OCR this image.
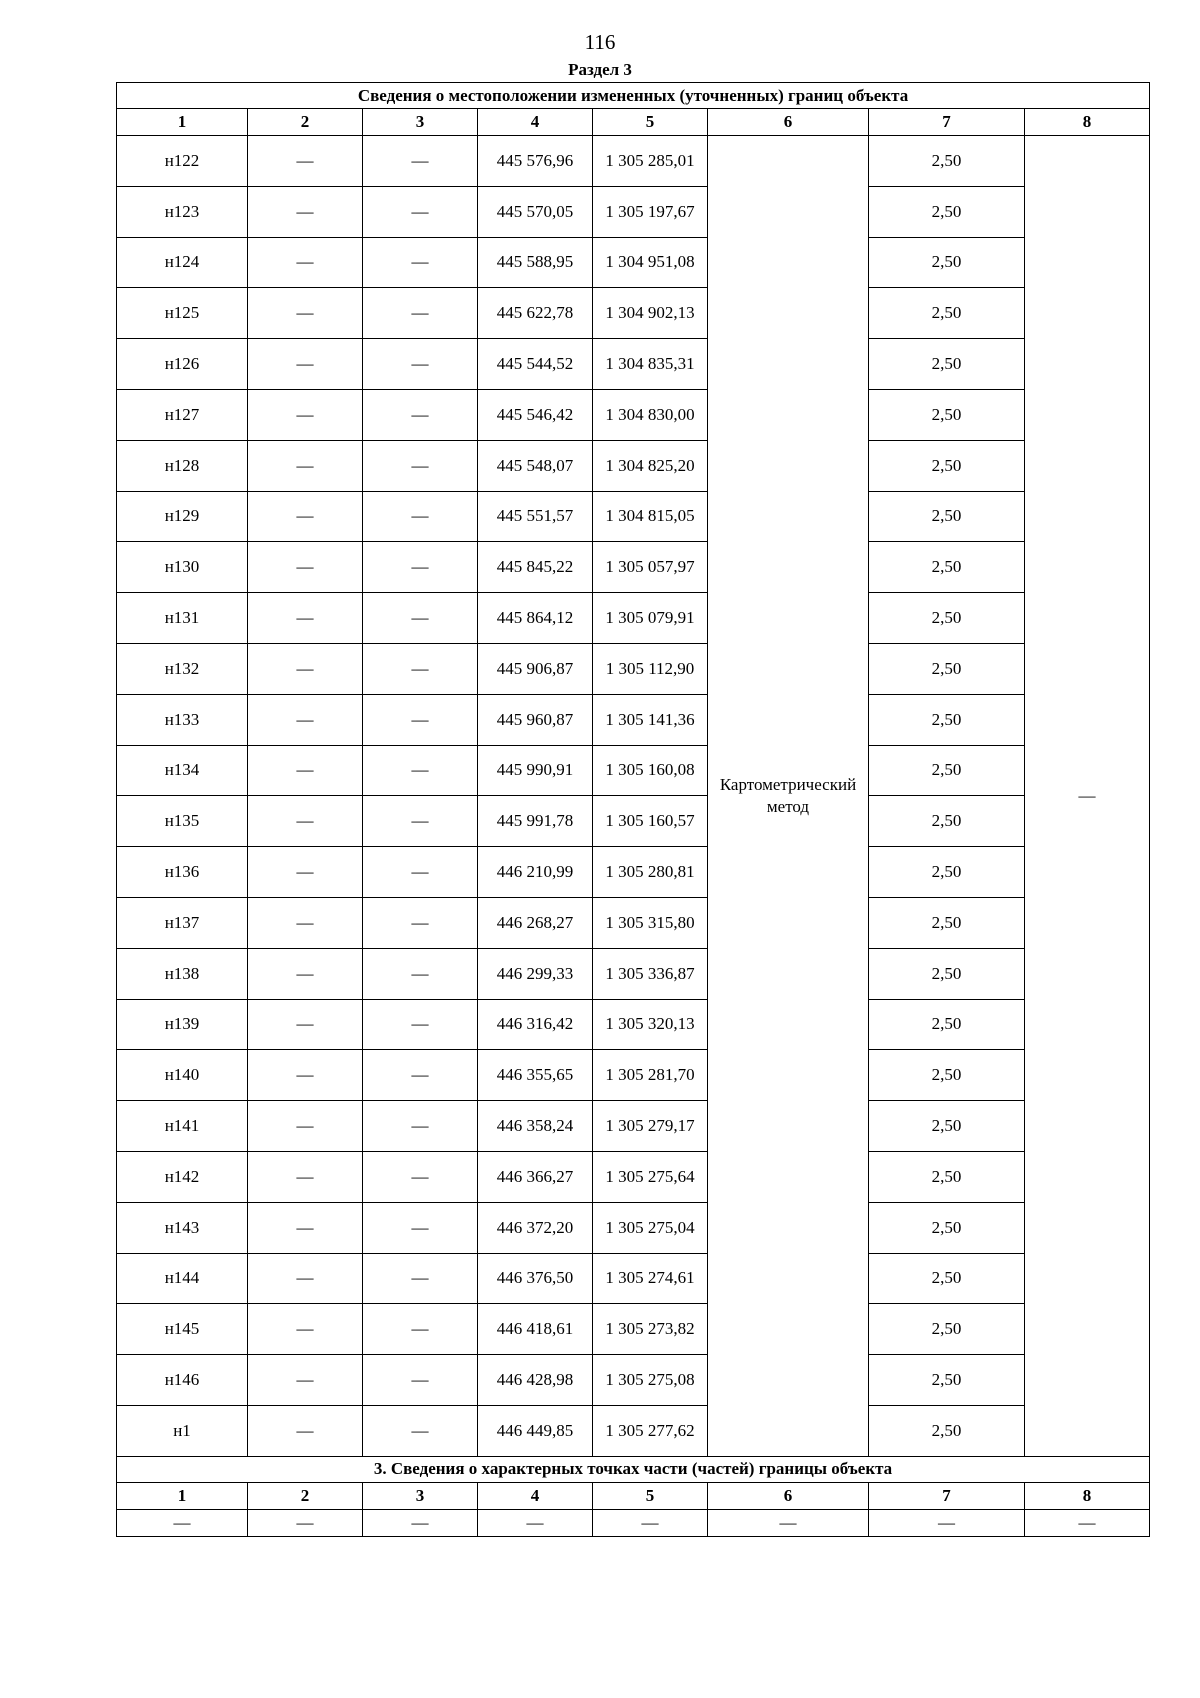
116
Раздел 3
Сведения о местоположении измененных (уточненных) границ объекта							
1	2	3	4	5	6	7	8
н122	—	—	445 576,96	1 305 285,01	Картометрический метод	2,50	—
н123	—	—	445 570,05	1 305 197,67		2,50	
н124	—	—	445 588,95	1 304 951,08		2,50	
н125	—	—	445 622,78	1 304 902,13		2,50	
н126	—	—	445 544,52	1 304 835,31		2,50	
н127	—	—	445 546,42	1 304 830,00		2,50	
н128	—	—	445 548,07	1 304 825,20		2,50	
н129	—	—	445 551,57	1 304 815,05		2,50	
н130	—	—	445 845,22	1 305 057,97		2,50	
н131	—	—	445 864,12	1 305 079,91		2,50	
н132	—	—	445 906,87	1 305 112,90		2,50	
н133	—	—	445 960,87	1 305 141,36		2,50	
н134	—	—	445 990,91	1 305 160,08		2,50	
н135	—	—	445 991,78	1 305 160,57		2,50	
н136	—	—	446 210,99	1 305 280,81		2,50	
н137	—	—	446 268,27	1 305 315,80		2,50	
н138	—	—	446 299,33	1 305 336,87		2,50	
н139	—	—	446 316,42	1 305 320,13		2,50	
н140	—	—	446 355,65	1 305 281,70		2,50	
н141	—	—	446 358,24	1 305 279,17		2,50	
н142	—	—	446 366,27	1 305 275,64		2,50	
н143	—	—	446 372,20	1 305 275,04		2,50	
н144	—	—	446 376,50	1 305 274,61		2,50	
н145	—	—	446 418,61	1 305 273,82		2,50	
н146	—	—	446 428,98	1 305 275,08		2,50	
н1	—	—	446 449,85	1 305 277,62		2,50	
3. Сведения о характерных точках части (частей) границы объекта							
1	2	3	4	5	6	7	8
—	—	—	—	—	—	—	—
